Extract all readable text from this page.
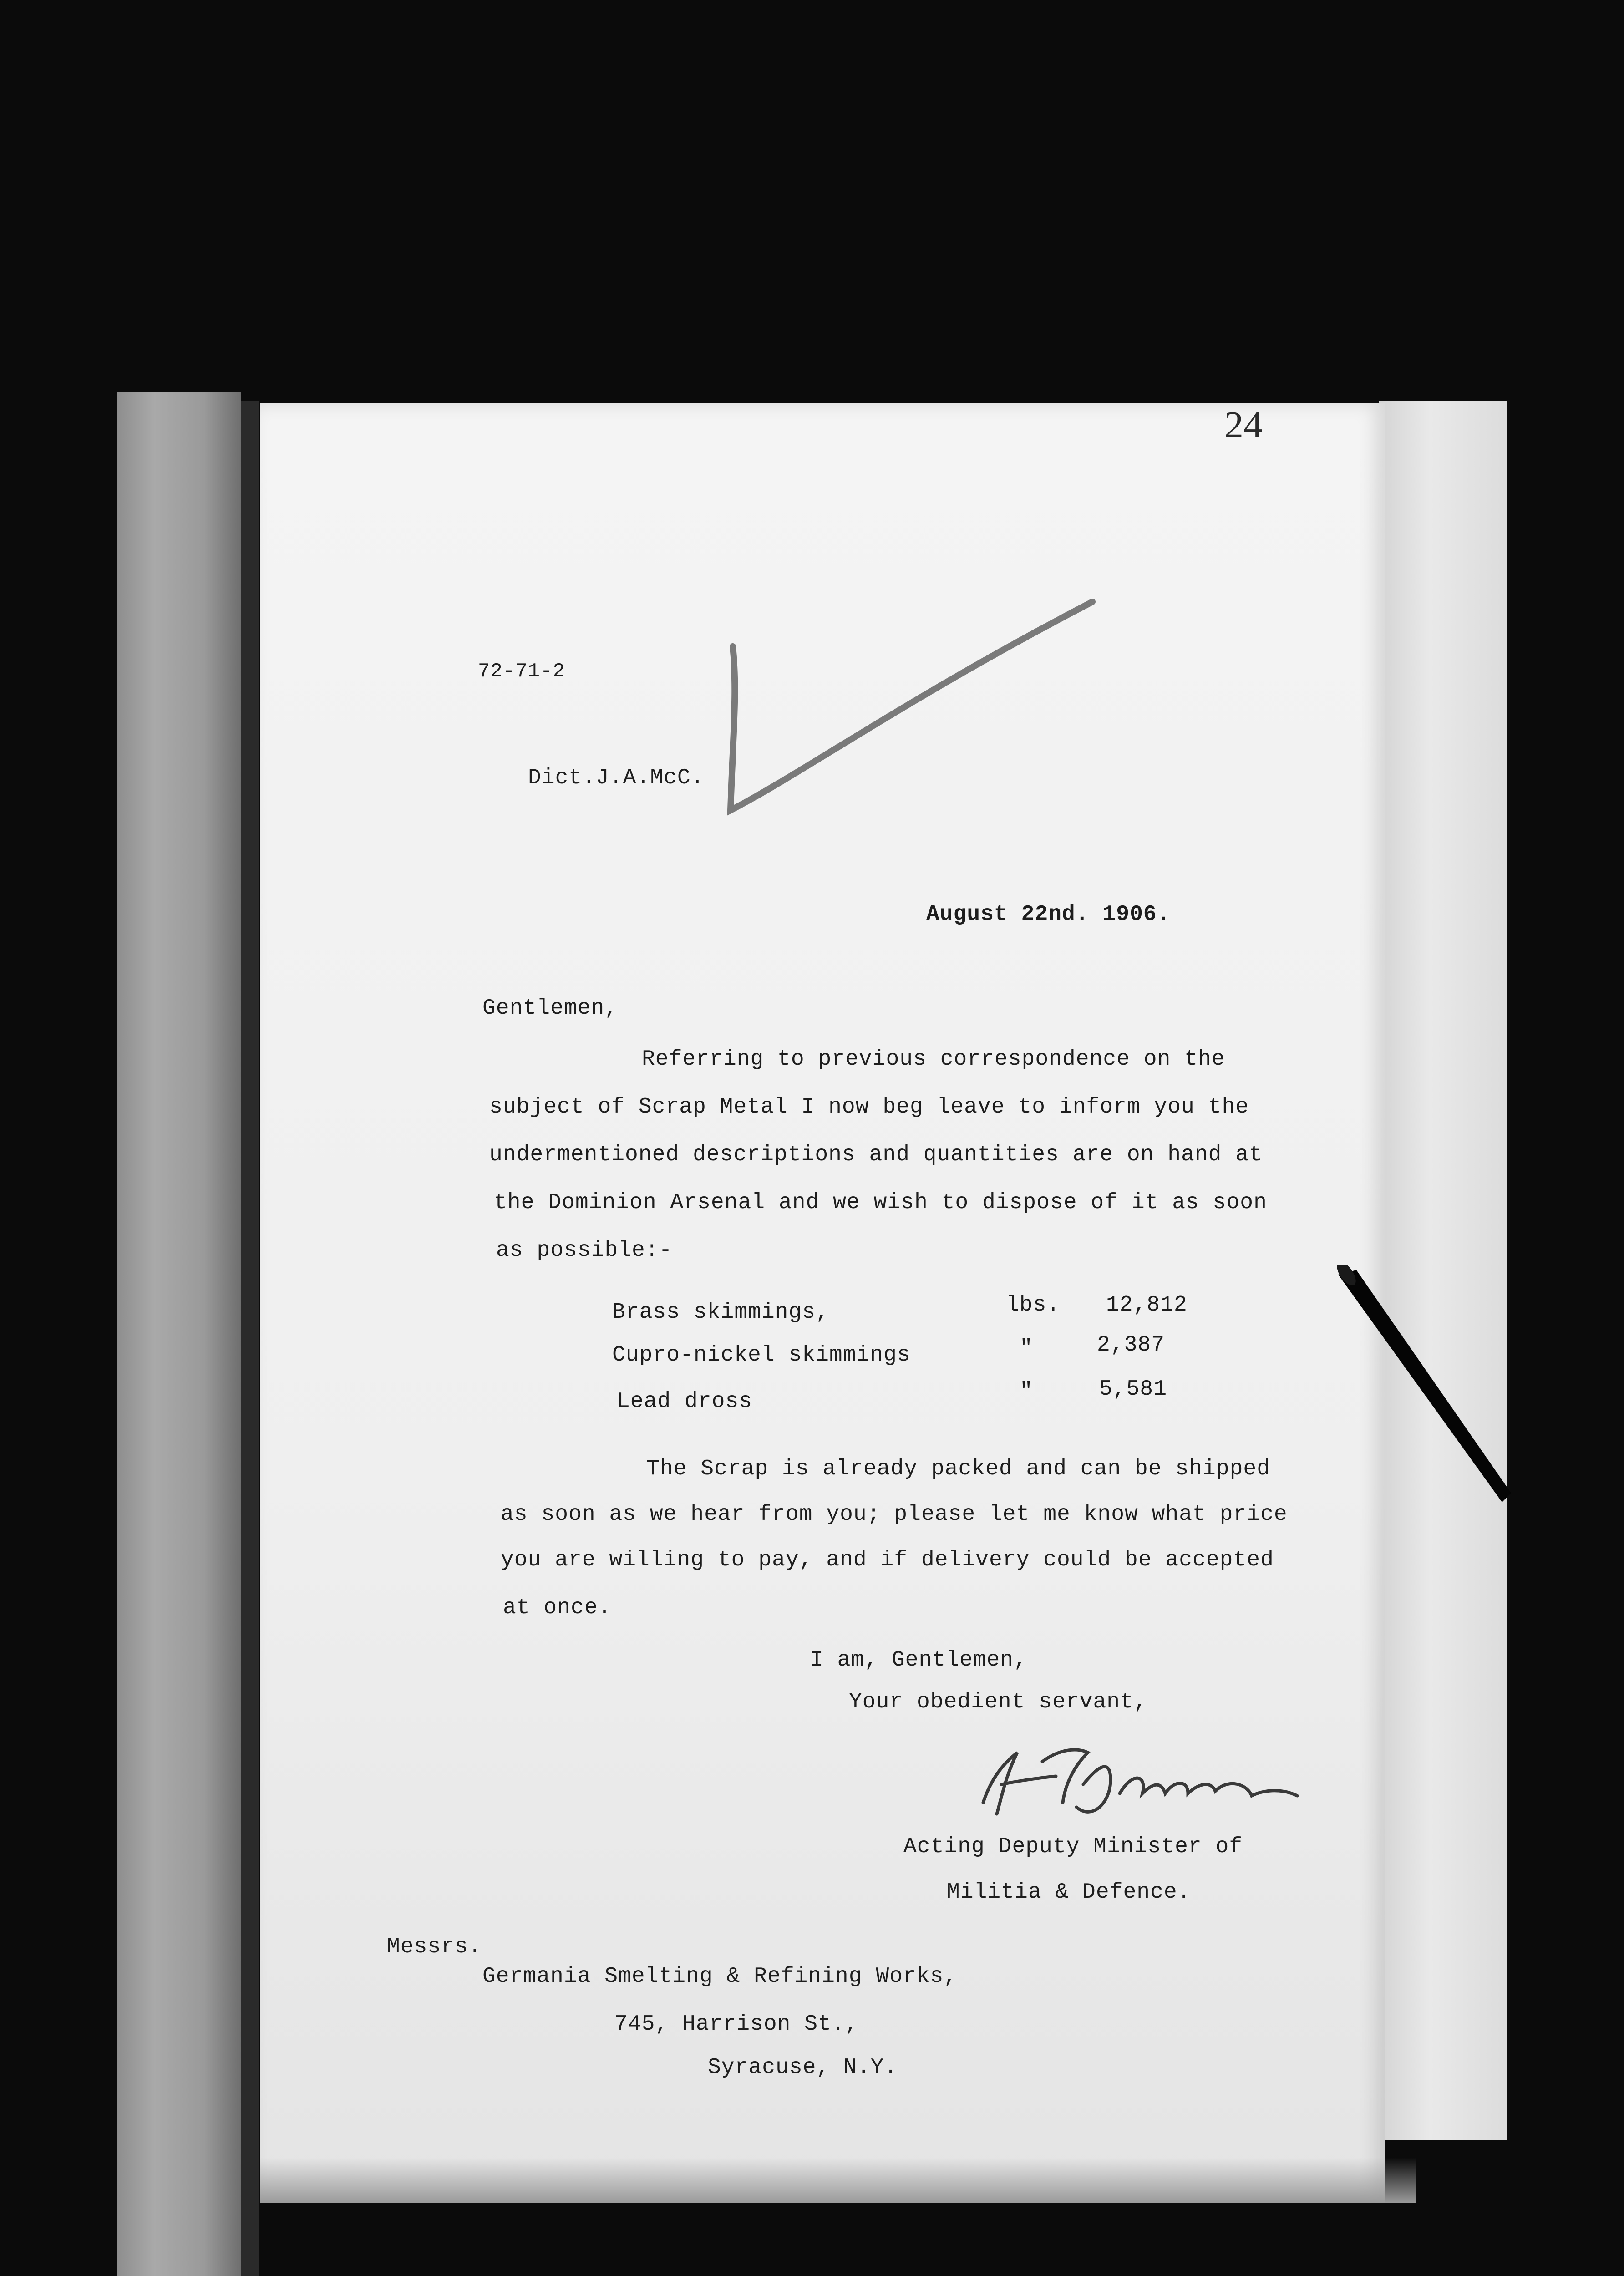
24
72-71-2
Dict.J.A.McC.
August 22nd. 1906.
Gentlemen,
Referring to previous correspondence on the
subject of Scrap Metal I now beg leave to inform you the
undermentioned descriptions and quantities are on hand at
the Dominion Arsenal and we wish to dispose of it as soon
as possible:-
Brass skimmings,	lbs. 12,812
Cupro-nickel skimmings	"	2,387
Lead dross	"	5,581
The Scrap is already packed and can be shipped
as soon as we hear from you; please let me know what price
you are willing to pay, and if delivery could be accepted
at once.
I am, Gentlemen,
Your obedient servant,
Acting Deputy Minister of
Militia & Defence.
Messrs.
Germania Smelting & Refining Works,
745, Harrison St.,
Syracuse, N.Y.
